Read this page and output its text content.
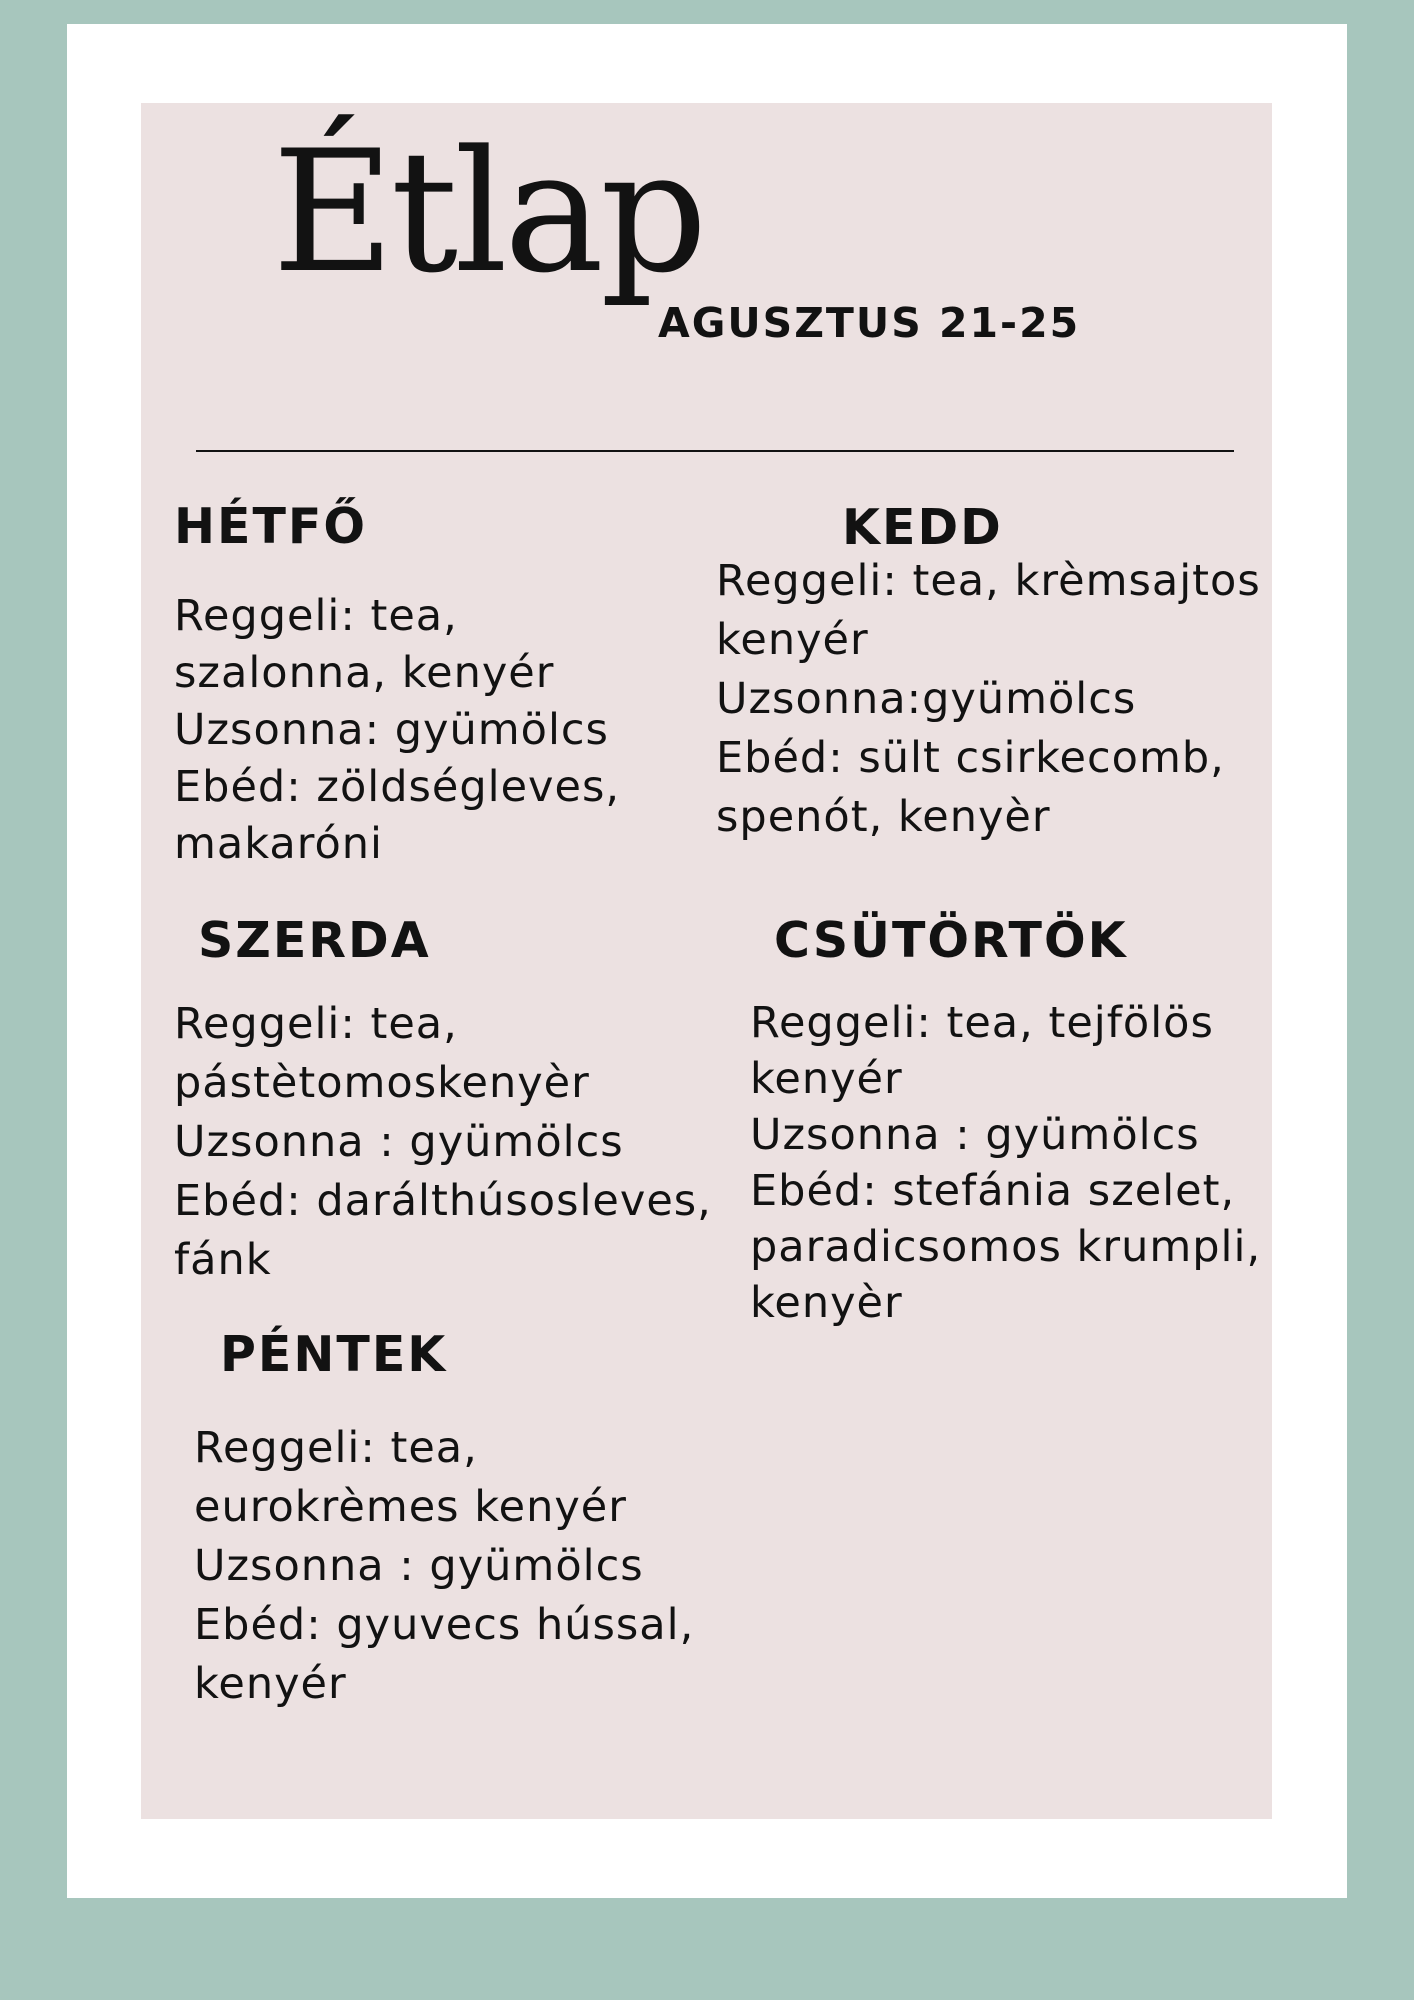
Étlap
AGUSZTUS 21-25
HÉTFŐ
Reggeli: tea,
szalonna, kenyér
Uzsonna: gyümölcs
Ebéd: zöldségleves,
makaróni
KEDD
Reggeli: tea, krèmsajtos
kenyér
Uzsonna:gyümölcs
Ebéd: sült csirkecomb,
spenót, kenyèr
SZERDA
Reggeli: tea,
pástètomoskenyèr
Uzsonna : gyümölcs
Ebéd: darálthúsosleves,
fánk
CSÜTÖRTÖK
Reggeli: tea, tejfölös
kenyér
Uzsonna : gyümölcs
Ebéd: stefánia szelet,
paradicsomos krumpli,
kenyèr
PÉNTEK
Reggeli: tea,
eurokrèmes kenyér
Uzsonna : gyümölcs
Ebéd: gyuvecs hússal,
kenyér
